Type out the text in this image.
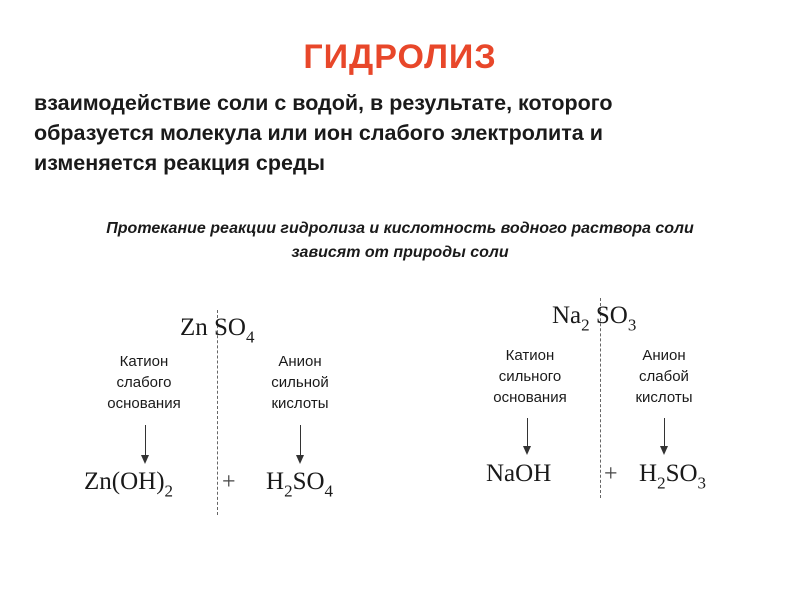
ГИДРОЛИЗ
взаимодействие соли с водой, в результате, которого
образуется молекула или ион слабого электролита и
изменяется реакция среды
Протекание реакции гидролиза и кислотность водного раствора соли
зависят от природы соли
Zn $SO_4$
Катион
слабого
основания
Анион
сильной
кислоты
$Zn(OH)_2 + H_2SO_4$
$Na_2$ $SO_3$
Катион
сильного
основания
Анион
слабой
кислоты
NaOH + $H_2SO_3$
